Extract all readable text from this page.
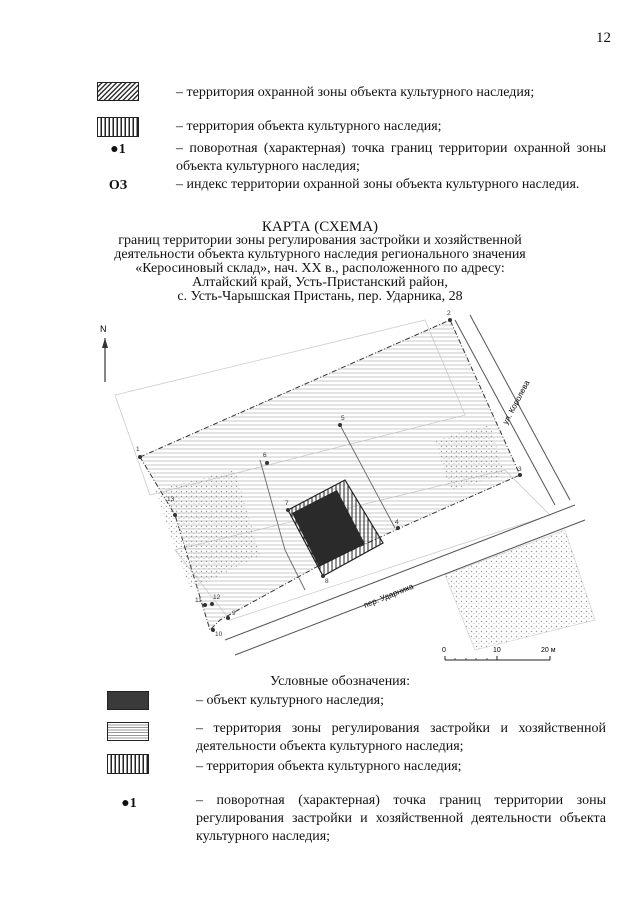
12
– территория охранной зоны объекта культурного наследия;
– территория объекта культурного наследия;
●1	– поворотная (характерная) точка границ территории охранной зоны объекта культурного наследия;
ОЗ	– индекс территории охранной зоны объекта культурного наследия.
КАРТА (СХЕМА)
границ территории зоны регулирования застройки и хозяйственной
деятельности объекта культурного наследия регионального значения
«Керосиновый склад», нач. XX в., расположенного по адресу:
Алтайский край, Усть-Пристанский район,
с. Усть-Чарышская Пристань, пер. Ударника, 28
N
1
2
3
4
5
6
7
8
9
10
11 12
13
ул. Королева
пер. Ударника
0	10	20 м
Условные обозначения:
– объект культурного наследия;
– территория зоны регулирования застройки и хозяйственной деятельности объекта культурного наследия;
– территория объекта культурного наследия;
●1	– поворотная (характерная) точка границ территории зоны регулирования застройки и хозяйственной деятельности объекта культурного наследия;
